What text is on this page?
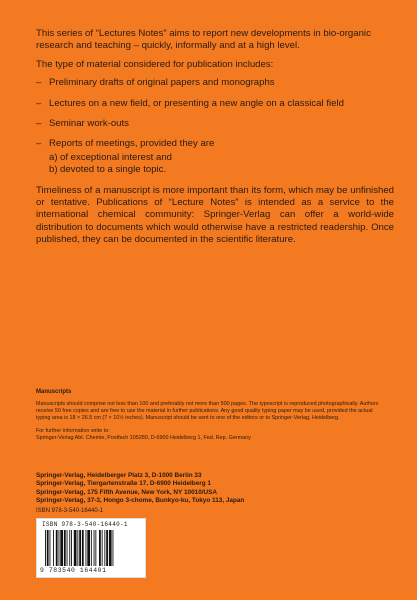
This series of “Lectures Notes” aims to report new developments in bio-organic research and teaching – quickly, informally and at a high level.

The type of material considered for publication includes:

– Preliminary drafts of original papers and monographs
– Lectures on a new field, or presenting a new angle on a classical field
– Seminar work-outs
– Reports of meetings, provided they are
a) of exceptional interest and
b) devoted to a single topic.

Timeliness of a manuscript is more important than its form, which may be unfinished or tentative. Publications of “Lecture Notes” is intended as a service to the international chemical community: Springer-Verlag can offer a world-wide distribution to documents which would otherwise have a restricted readership. Once published, they can be documented in the scientific literature.

Manuscripts

Manuscripts should comprise not less than 100 and preferably not more than 500 pages. The typescript is reproduced photographically. Authors receive 50 free copies and are free to use the material in further publications. Any good quality typing paper may be used, provided the actual typing area is 18 × 26.5 cm (7 × 10½ inches). Manuscript should be sent to one of the editors or to Springer-Verlag, Heidelberg.

For further information write to:

Springer-Verlag Abt. Chemie, Postfach 105280, D-6900 Heidelberg 1, Fed. Rep. Germany

Springer-Verlag, Heidelberger Platz 3, D-1000 Berlin 33
Springer-Verlag, Tiergartenstraße 17, D-6900 Heidelberg 1
Springer-Verlag, 175 Fifth Avenue, New York, NY 10010/USA
Springer-Verlag, 37-3, Hongo 3-chome, Bunkyo-ku, Tokyo 113, Japan
ISBN 978-3-540-16440-1
ISBN 978-3-540-16440-1
9 783540 164401
